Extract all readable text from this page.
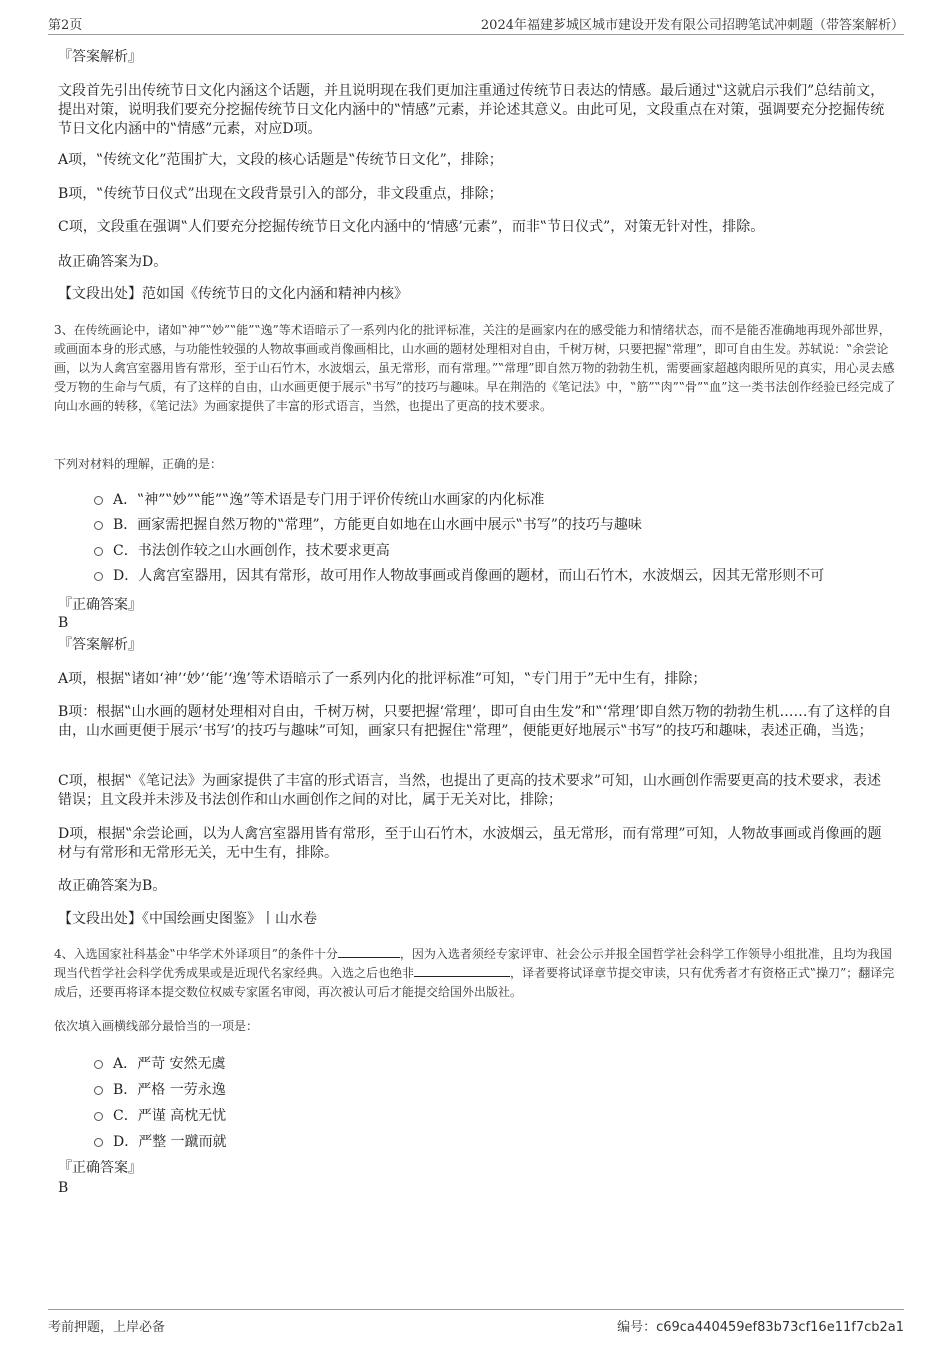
第2页	2024年福建芗城区城市建设开发有限公司招聘笔试冲刺题（带答案解析）
『答案解析』

文段首先引出传统节日文化内涵这个话题，并且说明现在我们更加注重通过传统节日表达的情感。最后通过‟这就启示我们”总结前文，提出对策，说明我们要充分挖掘传统节日文化内涵中的‟情感”元素，并论述其意义。由此可见，文段重点在对策，强调要充分挖掘传统节日文化内涵中的‟情感”元素，对应D项。

A项，‟传统文化”范围扩大，文段的核心话题是‟传统节日文化”，排除；

B项，‟传统节日仪式”出现在文段背景引入的部分，非文段重点，排除；

C项，文段重在强调‟人们要充分挖掘传统节日文化内涵中的‘情感’元素”，而非‟节日仪式”，对策无针对性，排除。

故正确答案为D。

【文段出处】范如国《传统节日的文化内涵和精神内核》

3、在传统画论中，诸如‟神”‟妙”‟能”‟逸”等术语暗示了一系列内化的批评标准，关注的是画家内在的感受能力和情绪状态，而不是能否准确地再现外部世界，或画面本身的形式感，与功能性较强的人物故事画或肖像画相比，山水画的题材处理相对自由，千树万树，只要把握‟常理”，即可自由生发。苏轼说：‟余尝论画，以为人禽宫室器用皆有常形，至于山石竹木，水波烟云，虽无常形，而有常理。”‟常理”即自然万物的勃勃生机，需要画家超越肉眼所见的真实，用心灵去感受万物的生命与气质，有了这样的自由，山水画更便于展示‟书写”的技巧与趣味。早在荆浩的《笔记法》中，‟筋”‟肉”‟骨”‟血”这一类书法创作经验已经完成了向山水画的转移，《笔记法》为画家提供了丰富的形式语言，当然，也提出了更高的技术要求。

下列对材料的理解，正确的是：

A．‟神”‟妙”‟能”‟逸”等术语是专门用于评价传统山水画家的内化标准
B．画家需把握自然万物的‟常理”，方能更自如地在山水画中展示‟书写”的技巧与趣味
C．书法创作较之山水画创作，技术要求更高
D．人禽宫室器用，因其有常形，故可用作人物故事画或肖像画的题材，而山石竹木，水波烟云，因其无常形则不可
『正确答案』
B
『答案解析』

A项，根据‟诸如‘神’‘妙’‘能’‘逸’等术语暗示了一系列内化的批评标准”可知，‟专门用于”无中生有，排除；

B项：根据‟山水画的题材处理相对自由，千树万树，只要把握‘常理’，即可自由生发”和‟‘常理’即自然万物的勃勃生机……有了这样的自由，山水画更便于展示‘书写’的技巧与趣味”可知，画家只有把握住‟常理”，便能更好地展示‟书写”的技巧和趣味，表述正确，当选；

C项，根据‟《笔记法》为画家提供了丰富的形式语言，当然，也提出了更高的技术要求”可知，山水画创作需要更高的技术要求，表述错误；且文段并未涉及书法创作和山水画创作之间的对比，属于无关对比，排除；

D项，根据‟余尝论画，以为人禽宫室器用皆有常形，至于山石竹木，水波烟云，虽无常形，而有常理”可知，人物故事画或肖像画的题材与有常形和无常形无关，无中生有，排除。

故正确答案为B。

【文段出处】《中国绘画史图鉴》丨山水卷

4、入选国家社科基金‟中华学术外译项目”的条件十分	，因为入选者须经专家评审、社会公示并报全国哲学社会科学工作领导小组批准，且均为我国现当代哲学社会科学优秀成果或是近现代名家经典。入选之后也绝非	，译者要将试译章节提交审读，只有优秀者才有资格正式‟操刀”；翻译完成后，还要再将译本提交数位权威专家匿名审阅，再次被认可后才能提交给国外出版社。

依次填入画横线部分最恰当的一项是：

A．严苛 安然无虞
B．严格 一劳永逸
C．严谨 高枕无忧
D．严整 一蹴而就
『正确答案』
B
考前押题，上岸必备	编号：c69ca440459ef83b73cf16e11f7cb2a1
